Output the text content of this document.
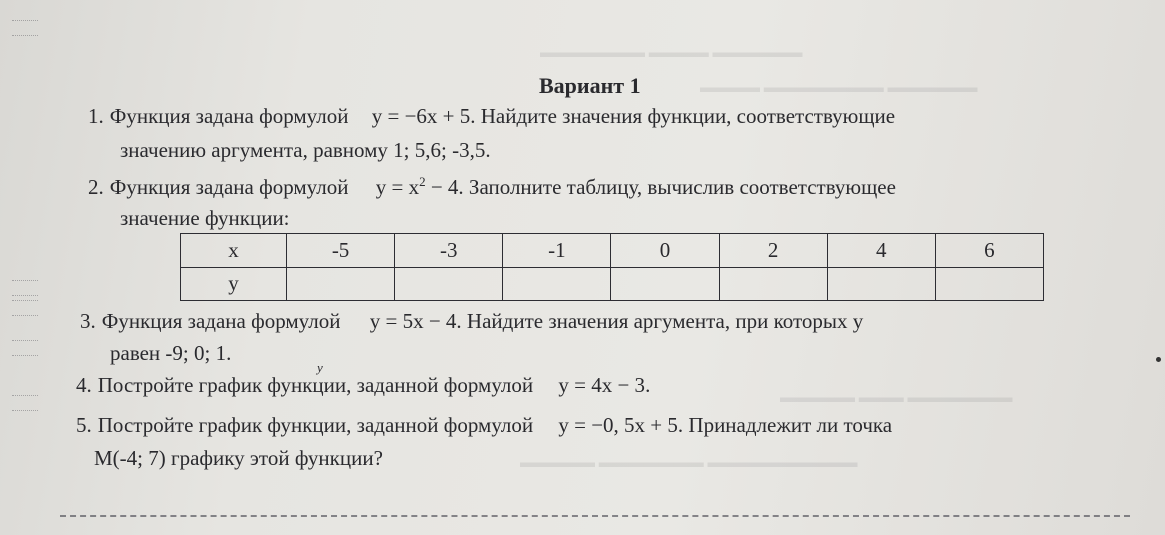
▬▬▬▬▬▬ ▬▬▬▬ ▬▬▬▬▬▬▬
▬▬▬▬▬▬ ▬▬▬▬▬▬▬▬ ▬▬▬▬
▬▬▬▬▬▬▬ ▬▬▬ ▬▬▬▬▬
▬▬▬▬▬▬▬▬▬▬ ▬▬▬▬▬▬▬ ▬▬▬▬▬
Вариант 1
1. Функция задана формулой y = −6x + 5. Найдите значения функции, соответствующие
значению аргумента, равному 1; 5,6; -3,5.
2. Функция задана формулой $y = x^2 - 4$. Заполните таблицу, вычислив соответствующее
значение функции:
x	-5	-3	-1	0	2	4	6
y							
3. Функция задана формулой y = 5x − 4. Найдите значения аргумента, при которых у
равен -9; 0; 1.
у
4. Постройте график функции, заданной формулой y = 4x − 3.
5. Постройте график функции, заданной формулой y = −0, 5x + 5. Принадлежит ли точка
М(-4; 7) графику этой функции?
